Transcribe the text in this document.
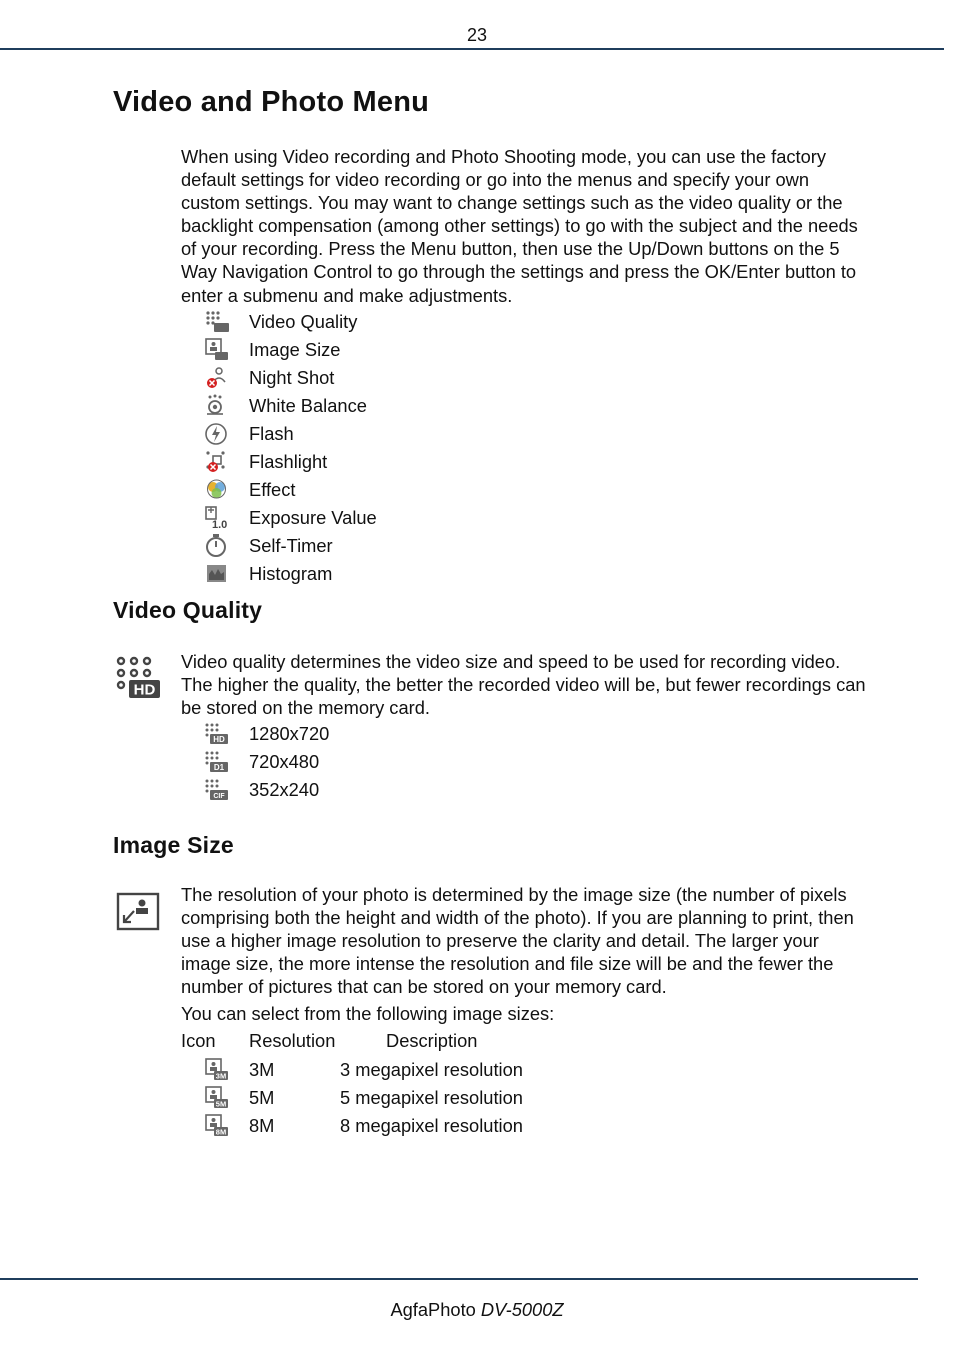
23
Video and Photo Menu
When using Video recording and Photo Shooting mode, you can use the factory default settings for video recording or go into the menus and specify your own custom settings. You may want to change settings such as the video quality or the backlight compensation (among other settings) to go with the subject and the needs of your recording. Press the Menu button, then use the Up/Down buttons on the 5 Way Navigation Control to go through the settings and press the OK/Enter button to enter a submenu and make adjustments.
Video Quality
Image Size
Night Shot
White Balance
Flash
Flashlight
Effect
1.0 Exposure Value
Self-Timer
Histogram
Video Quality
HD
Video quality determines the video size and speed to be used for recording video. The higher the quality, the better the recorded video will be, but fewer recordings can be stored on the memory card.
HD 1280x720
D1 720x480
CIF 352x240
Image Size
The resolution of your photo is determined by the image size (the number of pixels comprising both the height and width of the photo). If you are planning to print, then use a higher image resolution to preserve the clarity and detail. The larger your image size, the more intense the resolution and file size will be and the fewer the number of pictures that can be stored on your memory card.
You can select from the following image sizes:
Icon Resolution	Description
3M 3M	3 megapixel resolution
5M 5M	5 megapixel resolution
8M 8M	8 megapixel resolution
AgfaPhoto DV-5000Z
